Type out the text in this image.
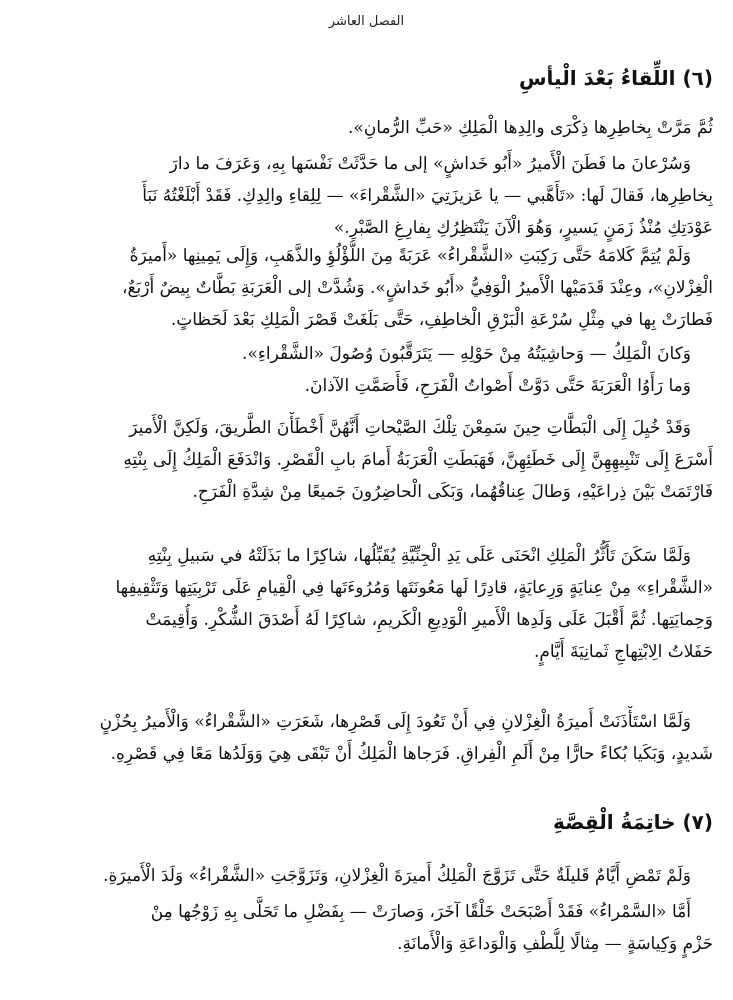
الفصل العاشر
(٦) اللِّقاءُ بَعْدَ الْيأسِ
ثُمَّ مَرَّتْ بِخاطِرِها ذِكْرَى والِدِها الْمَلِكِ «حَبِّ الرُّمانِ».
وَسُرْعانَ ما فَطَنَ الْأَميرُ «أَبُو خَداشٍ» إلى ما حَدَّثَتْ نَفْسَها بِهِ، وَعَرَفَ ما دارَ
بِخاطِرِها، فَقالَ لَها: «تَأَهَّبي — يا عَزيزَتِيَ «الشَّقْراءَ» — لِلِقاءِ والِدِكِ. فَقَدْ أَبْلَغْتُهُ نَبَأَ
عَوْدَتِكِ مُنْذُ زَمَنٍ يَسيرٍ، وَهُوَ الْآنَ يَنْتَظِرُكِ بِفارِغِ الصَّبْرِ.»
وَلَمْ يُتِمَّ كَلامَهُ حَتَّى رَكِبَتِ «الشَّقْراءُ» عَرَبَةً مِنَ اللُّؤْلُؤِ والذَّهَبِ، وَإِلَى يَمِينِها «أَميرَةُ
الْغِزْلانِ»، وعِنْدَ قَدَمَيْها الْأَميرُ الْوَفِيُّ «أَبُو خَداشٍ». وَشُدَّتْ إلى الْعَرَبَةِ بَطَّاتٌ بِيضٌ أَرْبَعٌ،
فَطارَتْ بِها في مِثْلِ سُرْعَةِ الْبَرْقِ الْخاطِفِ، حَتَّى بَلَغَتْ قَصْرَ الْمَلِكِ بَعْدَ لَحَظاتٍ.
وَكانَ الْمَلِكُ — وَحاشِيَتُهُ مِنْ حَوْلِهِ — يَتَرَقَّبُونَ وُصُولَ «الشَّقْراءِ».
وَما رَأَوُا الْعَرَبَةَ حَتَّى دَوَّتْ أَصْواتُ الْفَرَحِ، فَأَصَمَّتِ الآذانَ.
وَقَدْ خُيِلَ إِلَى الْبَطَّاتِ حِينَ سَمِعْنَ تِلْكَ الصَّيْحاتِ أَنَّهُنَّ أَخْطَأْنَ الطَّريقَ، وَلَكِنَّ الْأَميرَ
أَسْرَعَ إِلَى تَنْبِيهِهِنَّ إِلَى خَطَئِهِنَّ، فَهَبَطَتِ الْعَرَبَةُ أَمامَ بابِ الْقَصْرِ. وَانْدَفَعَ الْمَلِكُ إِلَى بِنْتِهِ
فَارْتَمَتْ بَيْنَ ذِراعَيْهِ، وَطالَ عِناقُهُما، وَبَكَى الْحاضِرُونَ جَميعًا مِنْ شِدَّةِ الْفَرَحِ.
وَلَمَّا سَكَنَ تَأَثُّرُ الْمَلِكِ انْحَنَى عَلَى يَدِ الْجِنِّيَّةِ يُقَبِّلُها، شاكِرًا ما بَذَلَتْهُ في سَبيلِ بِنْتِهِ
«الشَّقْراءِ» مِنْ عِنايَةٍ وَرِعايَةٍ، قادِرًا لَها مَعُونَتَها وَمُرُوءَتَها فِي الْقِيامِ عَلَى تَرْبِيَتِها وَتَثْقِيفِها
وَحِمايَتِها. ثُمَّ أَقْبَلَ عَلَى وَلَدِها الْأَميرِ الْوَدِيعِ الْكَريمِ، شاكِرًا لَهُ أَصْدَقَ الشُّكْرِ. وَأُقِيمَتْ
حَفَلاتُ الِابْتِهاجِ ثَمانِيَةَ أَيَّامٍ.
وَلَمَّا اسْتَأْذَنَتْ أَميرَةُ الْغِزْلانِ فِي أَنْ تَعُودَ إِلَى قَصْرِها، شَعَرَتِ «الشَّقْراءُ» وَالْأَميرُ بِحُزْنٍ
شَديدٍ، وَبَكَيا بُكاءً حارًّا مِنْ أَلَمِ الْفِراقِ. فَرَجاها الْمَلِكُ أَنْ تَبْقَى هِيَ وَوَلَدُها مَعًا فِي قَصْرِهِ.
(٧) خاتِمَةُ الْقِصَّةِ
وَلَمْ تَمْضِ أَيَّامٌ قَليلَةٌ حَتَّى تَزَوَّجَ الْمَلِكُ أَميرَةَ الْغِزْلانِ، وَتَزَوَّجَتِ «الشَّقْراءُ» وَلَدَ الْأَميرَةِ.
أَمَّا «السَّمْراءُ» فَقَدْ أَصْبَحَتْ خَلْقًا آخَرَ، وَصارَتْ — بِفَضْلِ ما تَحَلَّى بِهِ زَوْجُها مِنْ
حَزْمٍ وَكِياسَةٍ — مِثالًا لِلُّطْفِ وَالْوَداعَةِ وَالْأَمانَةِ.
